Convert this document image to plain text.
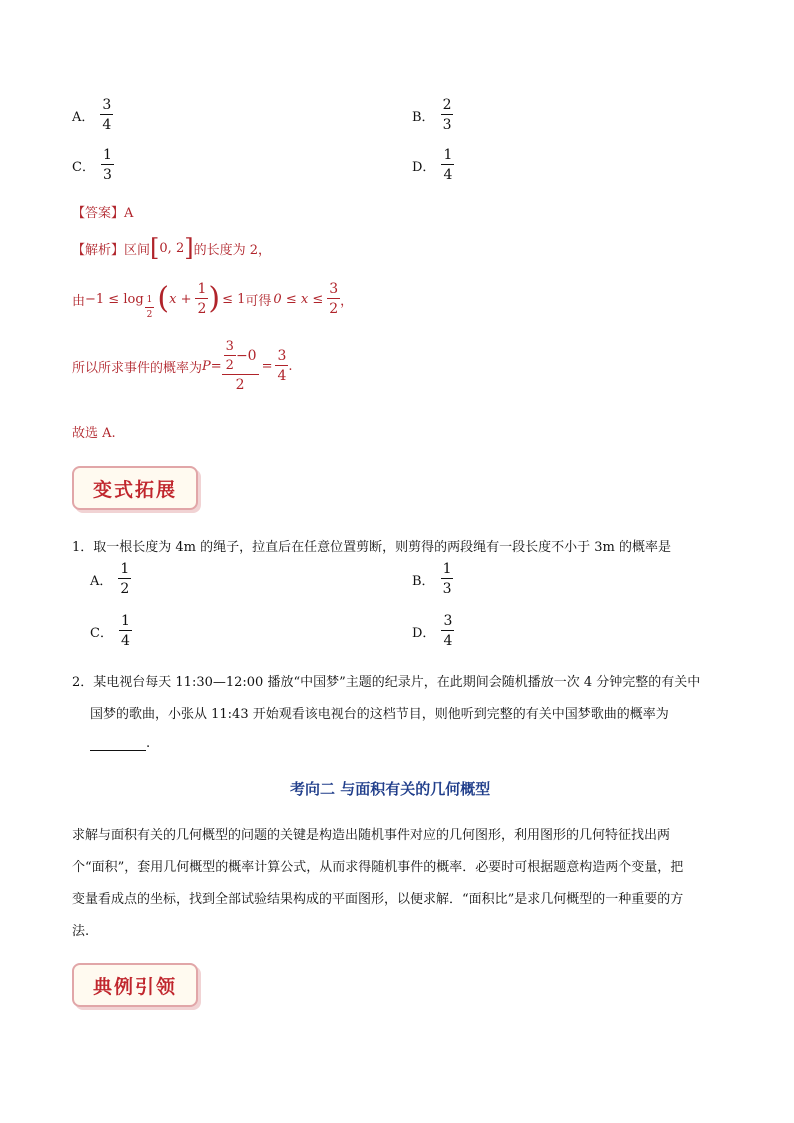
A． $\frac{3}{4}$	B． $\frac{2}{3}$
C． $\frac{1}{3}$	D． $\frac{1}{4}$
【答案】A
【解析】 区间 [ 0, 2 ] 的长度为 2，
由 $-1 \le \log \frac{1}{2}$ ( $x + \frac{1}{2}$ ) ≤ 1 可得 $0 \le x \le \frac{3}{2}$ ，
所以所求事件的概率为 $P= \frac{\frac{3}{2} -0}{2} = \frac{3}{4}$ .
故选 A.
变式拓展
1．取一根长度为 4m 的绳子，拉直后在任意位置剪断，则剪得的两段绳有一段长度不小于 3m 的概率是
A． $\frac{1}{2}$	B． $\frac{1}{3}$
C． $\frac{1}{4}$	D． $\frac{3}{4}$
2．某电视台每天 11:30—12:00 播放“中国梦”主题的纪录片，在此期间会随机播放一次 4 分钟完整的有关中
国梦的歌曲，小张从 11:43 开始观看该电视台的这档节目，则他听到完整的有关中国梦歌曲的概率为
.
考向二 与面积有关的几何概型
求解与面积有关的几何概型的问题的关键是构造出随机事件对应的几何图形，利用图形的几何特征找出两
个“面积”，套用几何概型的概率计算公式，从而求得随机事件的概率．必要时可根据题意构造两个变量，把
变量看成点的坐标，找到全部试验结果构成的平面图形，以便求解．“面积比”是求几何概型的一种重要的方
法.
典例引领
